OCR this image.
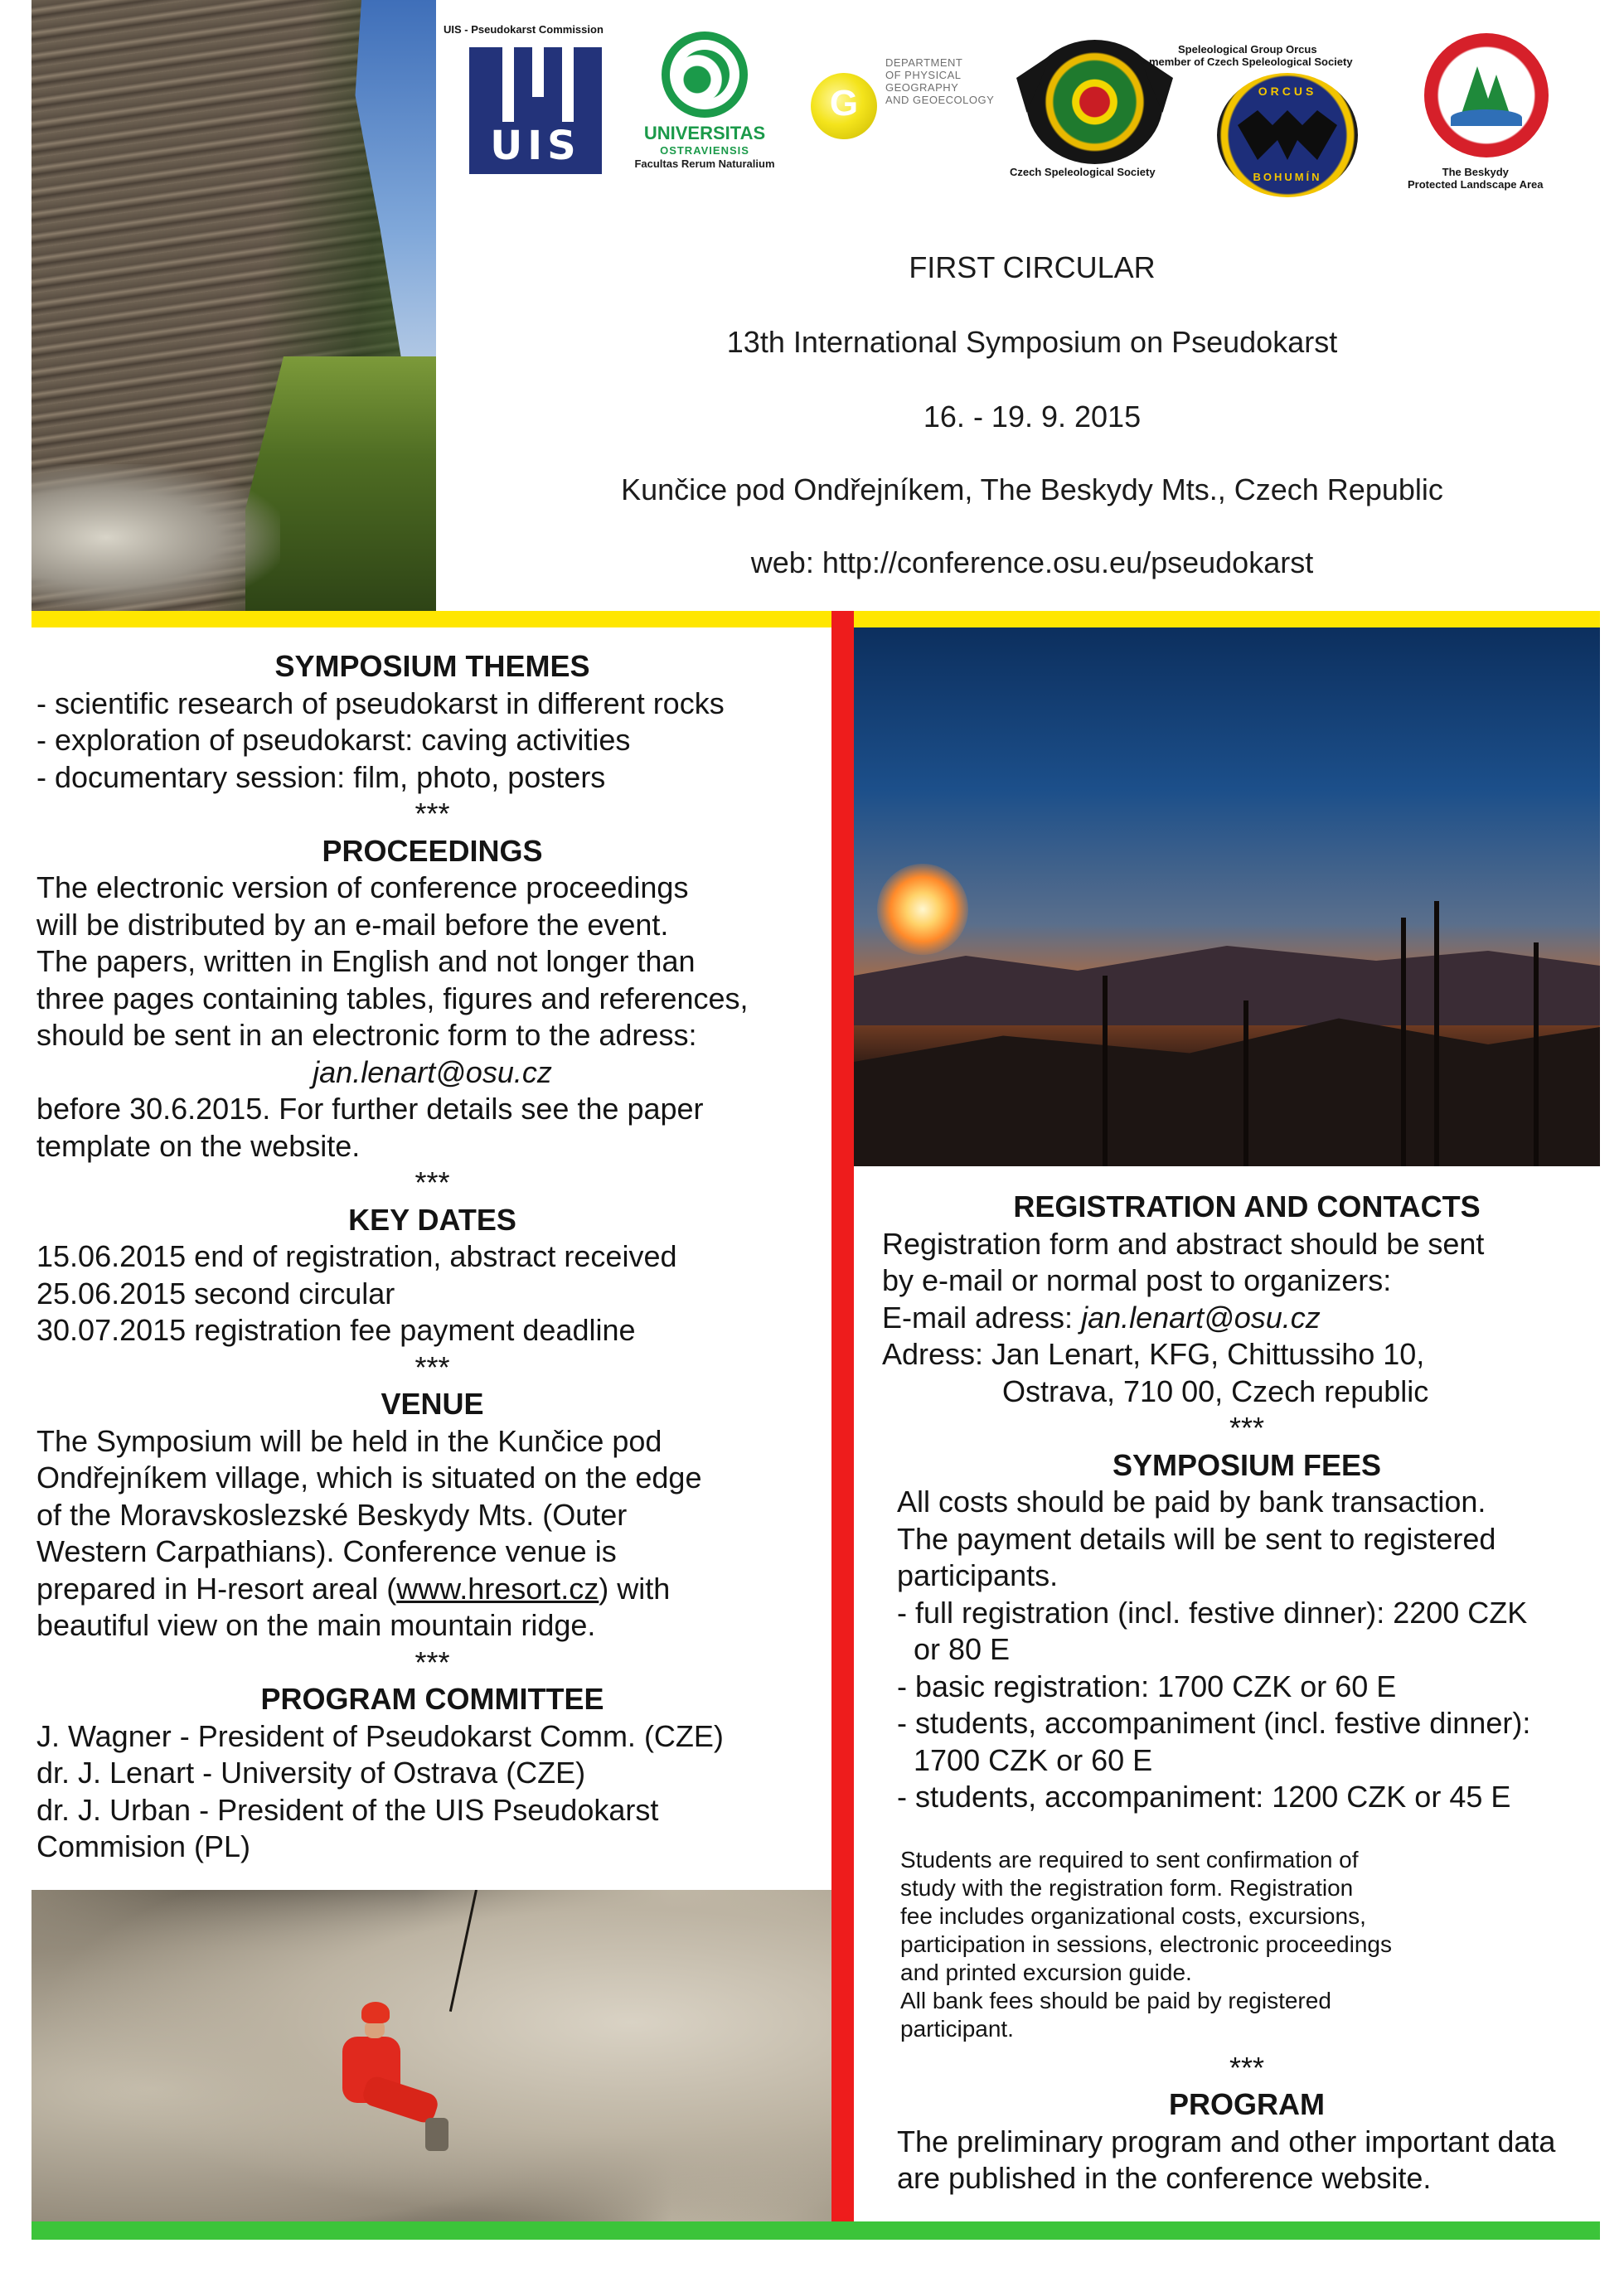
UIS - Pseudokarst Commission
UIS	UNIVERSITAS
OSTRAVIENSIS
Facultas Rerum Naturalium
G
DEPARTMENT
OF PHYSICAL
GEOGRAPHY
AND GEOECOLOGY
Czech Speleological Society
Speleological Group Orcus
- member of Czech Speleological Society
ORCUS
BOHUMÍN	The Beskydy
Protected Landscape Area
FIRST CIRCULAR
13th International Symposium on Pseudokarst
16. - 19. 9. 2015
Kunčice pod Ondřejníkem, The Beskydy Mts., Czech Republic
web: http://conference.osu.eu/pseudokarst
SYMPOSIUM THEMES
- scientific research of pseudokarst in different rocks
- exploration of pseudokarst: caving activities
- documentary session: film, photo, posters
***
PROCEEDINGS
The electronic version of conference proceedings
will be distributed by an e-mail before the event.
The papers, written in English and not longer than
three pages containing tables, figures and references,
should be sent in an electronic form to the adress:
jan.lenart@osu.cz
before 30.6.2015. For further details see the paper
template on the website.
***
KEY DATES
15.06.2015 end of registration, abstract received
25.06.2015 second circular
30.07.2015 registration fee payment deadline
***
VENUE
The Symposium will be held in the Kunčice pod
Ondřejníkem village, which is situated on the edge
of the Moravskoslezské Beskydy Mts. (Outer
Western Carpathians). Conference venue is
prepared in H-resort areal (www.hresort.cz) with
beautiful view on the main mountain ridge.
***
PROGRAM COMMITTEE
J. Wagner - President of Pseudokarst Comm. (CZE)
dr. J. Lenart - University of Ostrava (CZE)
dr. J. Urban - President of the UIS Pseudokarst
Commision (PL)
REGISTRATION AND CONTACTS
Registration form and abstract should be sent
by e-mail or normal post to organizers:
E-mail adress: jan.lenart@osu.cz
Adress: Jan Lenart, KFG, Chittussiho 10,
Ostrava, 710 00, Czech republic
***
SYMPOSIUM FEES
All costs should be paid by bank transaction.
The payment details will be sent to registered
participants.
- full registration (incl. festive dinner): 2200 CZK
or 80 E
- basic registration: 1700 CZK or 60 E
- students, accompaniment (incl. festive dinner):
1700 CZK or 60 E
- students, accompaniment: 1200 CZK or 45 E
Students are required to sent confirmation of
study with the registration form. Registration
fee includes organizational costs, excursions,
participation in sessions, electronic proceedings
and printed excursion guide.
All bank fees should be paid by registered
participant.
***
PROGRAM
The preliminary program and other important data
are published in the conference website.
